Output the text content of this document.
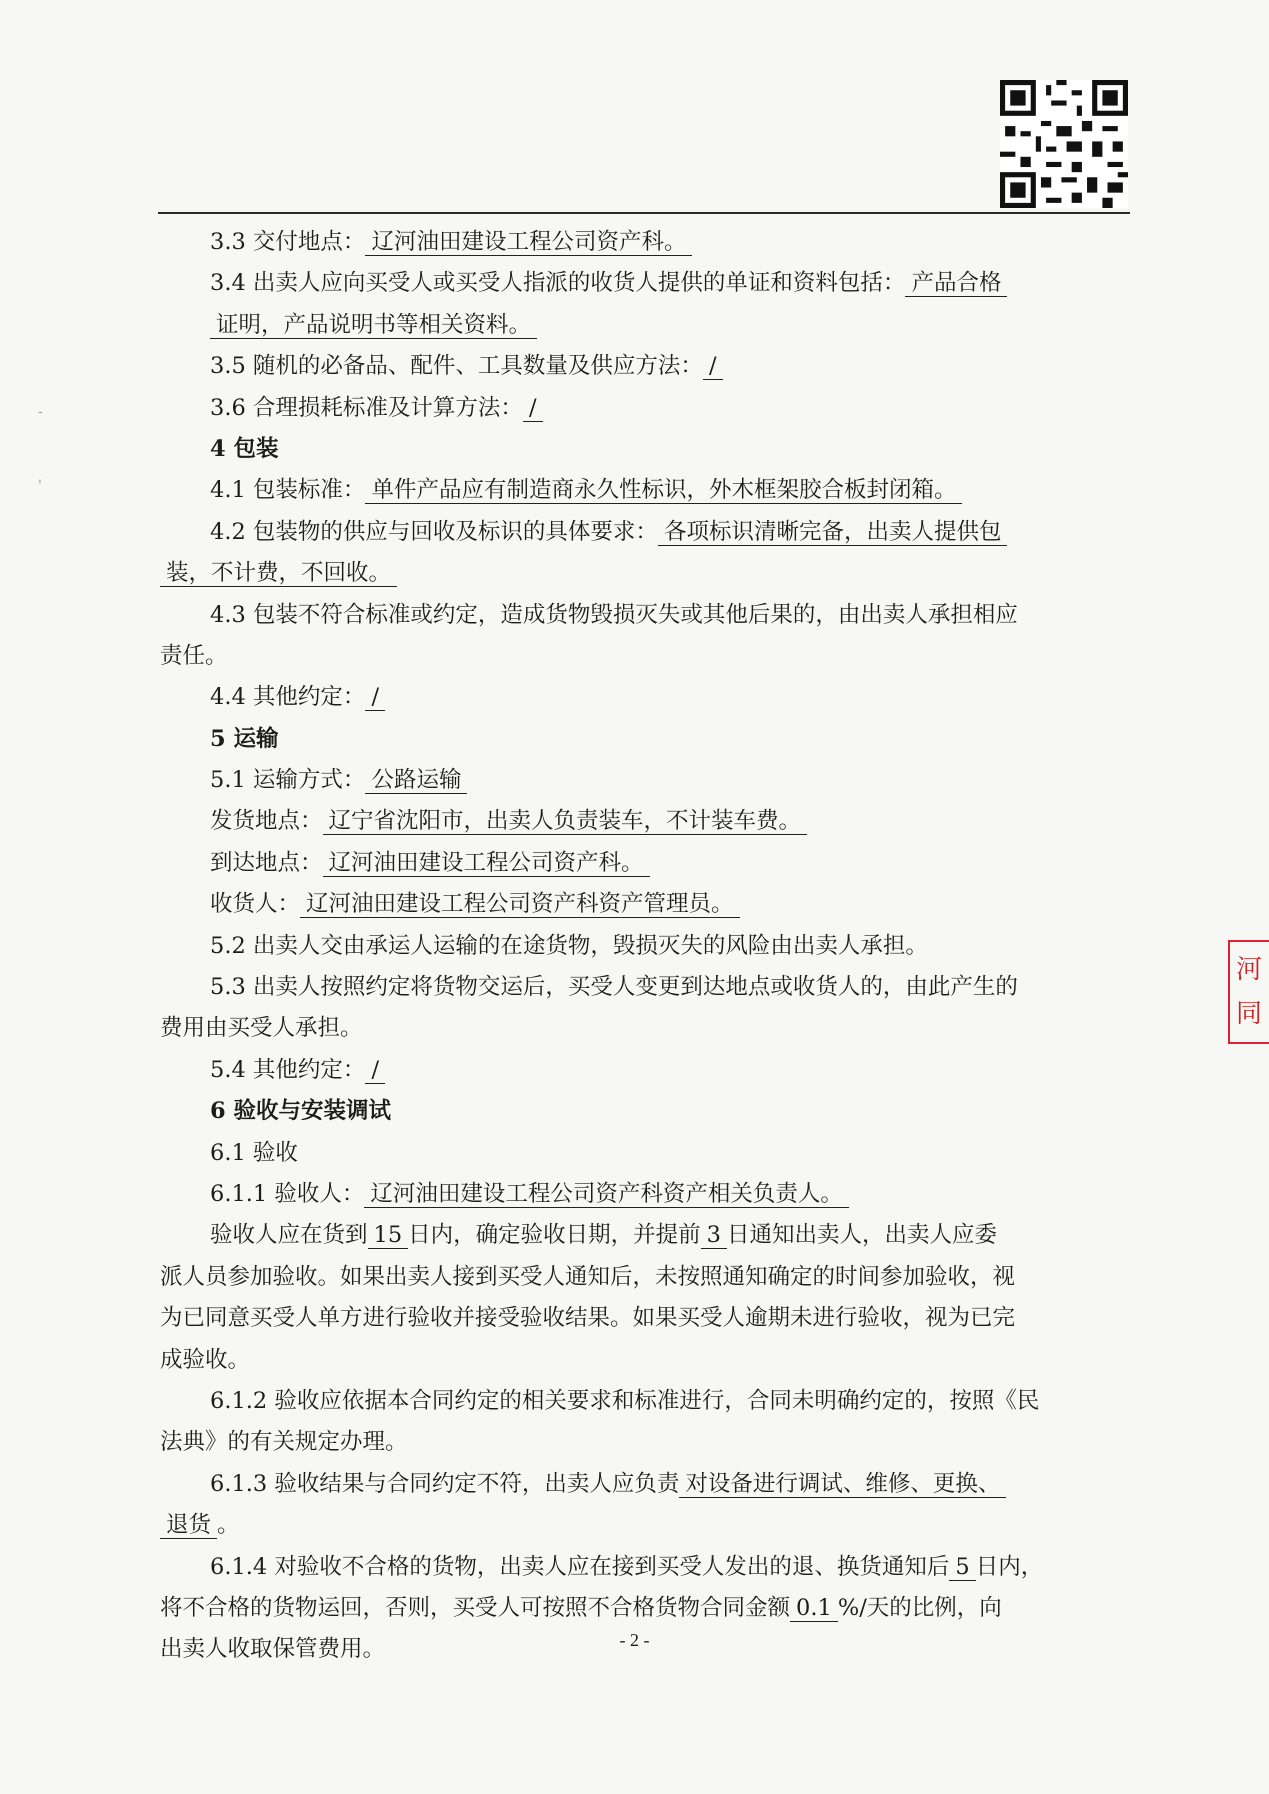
3.3 交付地点： 辽河油田建设工程公司资产科。
3.4 出卖人应向买受人或买受人指派的收货人提供的单证和资料包括： 产品合格
证明，产品说明书等相关资料。
3.5 随机的必备品、配件、工具数量及供应方法： /
3.6 合理损耗标准及计算方法： /
4 包装
4.1 包装标准： 单件产品应有制造商永久性标识，外木框架胶合板封闭箱。
4.2 包装物的供应与回收及标识的具体要求： 各项标识清晰完备，出卖人提供包
装，不计费，不回收。
4.3 包装不符合标准或约定，造成货物毁损灭失或其他后果的，由出卖人承担相应
责任。
4.4 其他约定： /
5 运输
5.1 运输方式： 公路运输
发货地点： 辽宁省沈阳市，出卖人负责装车，不计装车费。
到达地点： 辽河油田建设工程公司资产科。
收货人： 辽河油田建设工程公司资产科资产管理员。
5.2 出卖人交由承运人运输的在途货物，毁损灭失的风险由出卖人承担。
5.3 出卖人按照约定将货物交运后，买受人变更到达地点或收货人的，由此产生的
费用由买受人承担。
5.4 其他约定： /
6 验收与安装调试
6.1 验收
6.1.1 验收人： 辽河油田建设工程公司资产科资产相关负责人。
验收人应在货到 15 日内，确定验收日期，并提前 3 日通知出卖人，出卖人应委
派人员参加验收。如果出卖人接到买受人通知后，未按照通知确定的时间参加验收，视
为已同意买受人单方进行验收并接受验收结果。如果买受人逾期未进行验收，视为已完
成验收。
6.1.2 验收应依据本合同约定的相关要求和标准进行，合同未明确约定的，按照《民
法典》的有关规定办理。
6.1.3 验收结果与合同约定不符，出卖人应负责 对设备进行调试、维修、更换、
退货 。
6.1.4 对验收不合格的货物，出卖人应在接到买受人发出的退、换货通知后 5 日内，
将不合格的货物运回，否则，买受人可按照不合格货物合同金额 0.1 %/天的比例，向
出卖人收取保管费用。	- 2 -
河 同
-
'
